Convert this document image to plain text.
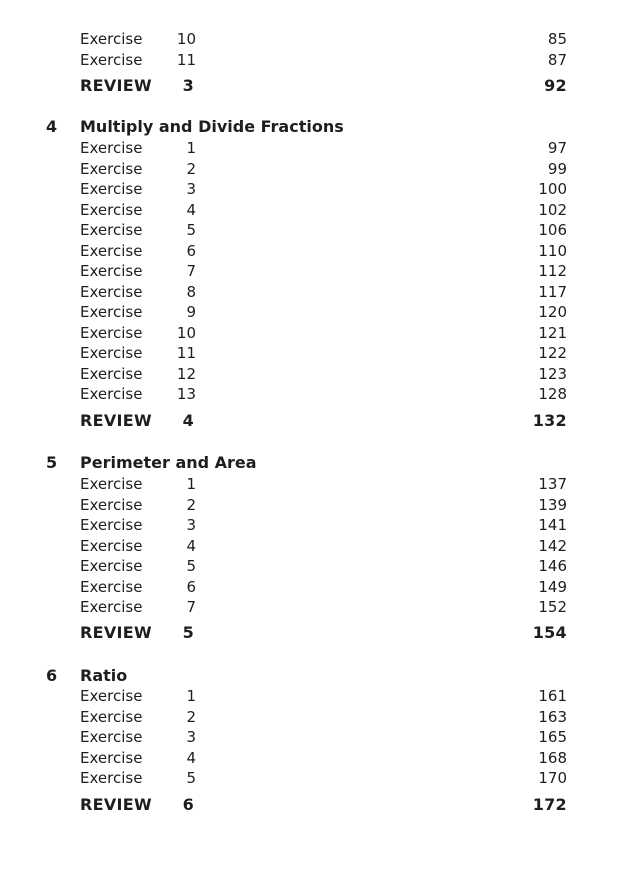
Exercise	10	85
Exercise	11	87
REVIEW	3	92
4 Multiply and Divide Fractions
Exercise	1	97
Exercise	2	99
Exercise	3	100
Exercise	4	102
Exercise	5	106
Exercise	6	110
Exercise	7	112
Exercise	8	117
Exercise	9	120
Exercise	10	121
Exercise	11	122
Exercise	12	123
Exercise	13	128
REVIEW	4	132
5 Perimeter and Area
Exercise	1	137
Exercise	2	139
Exercise	3	141
Exercise	4	142
Exercise	5	146
Exercise	6	149
Exercise	7	152
REVIEW	5	154
6 Ratio
Exercise	1	161
Exercise	2	163
Exercise	3	165
Exercise	4	168
Exercise	5	170
REVIEW	6	172
